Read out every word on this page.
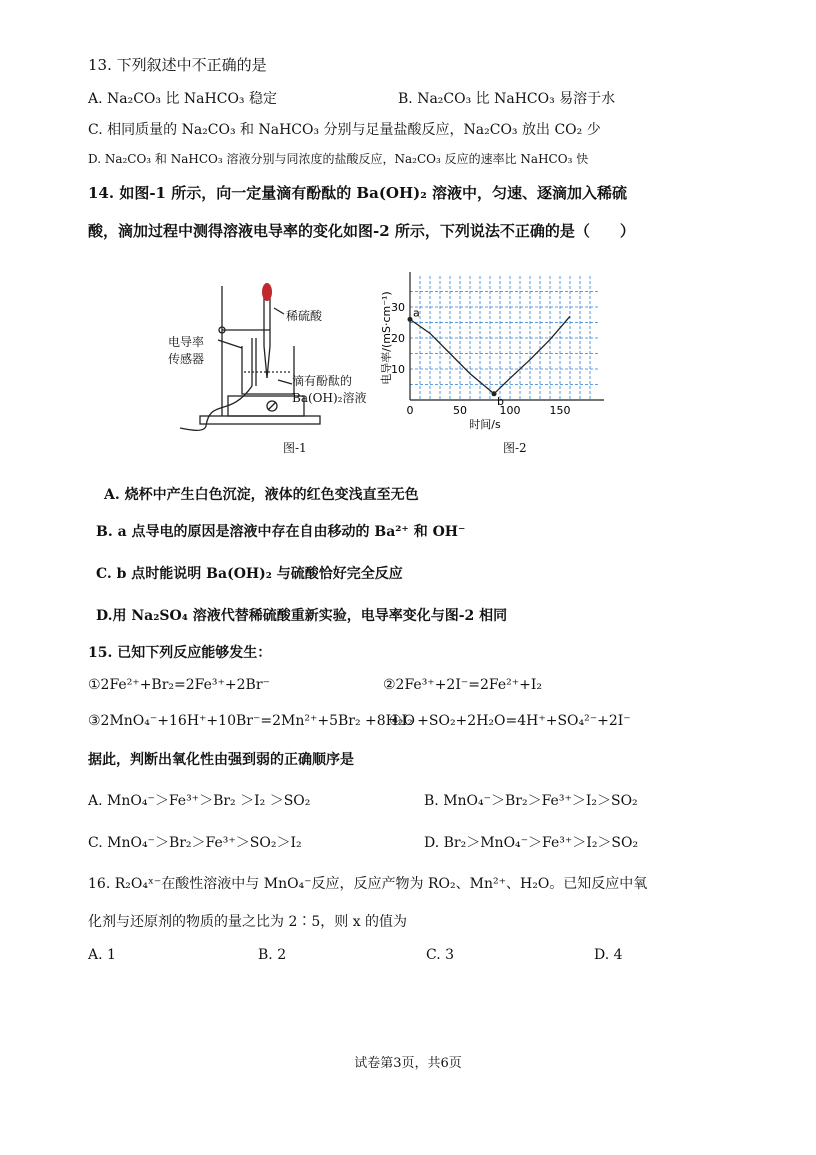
13. 下列叙述中不正确的是
A. Na₂CO₃ 比 NaHCO₃ 稳定	B. Na₂CO₃ 比 NaHCO₃ 易溶于水
C. 相同质量的 Na₂CO₃ 和 NaHCO₃ 分别与足量盐酸反应，Na₂CO₃ 放出 CO₂ 少
D. Na₂CO₃ 和 NaHCO₃ 溶液分别与同浓度的盐酸反应，Na₂CO₃ 反应的速率比 NaHCO₃ 快
14. 如图-1 所示，向一定量滴有酚酞的 Ba(OH)₂ 溶液中，匀速、逐滴加入稀硫
酸，滴加过程中测得溶液电导率的变化如图-2 所示，下列说法不正确的是（　　）
稀硫酸
电导率
传感器
滴有酚酞的
Ba(OH)₂溶液
图-1
0	50	100	150
10
20
30 a
b
时间/s
电导率/(mS·cm⁻¹)
图-2
A. 烧杯中产生白色沉淀，液体的红色变浅直至无色
B. a 点导电的原因是溶液中存在自由移动的 Ba²⁺ 和 OH⁻
C. b 点时能说明 Ba(OH)₂ 与硫酸恰好完全反应
D.用 Na₂SO₄ 溶液代替稀硫酸重新实验，电导率变化与图-2 相同
15. 已知下列反应能够发生：
①2Fe²⁺+Br₂=2Fe³⁺+2Br⁻	②2Fe³⁺+2I⁻=2Fe²⁺+I₂
③2MnO₄⁻+16H⁺+10Br⁻=2Mn²⁺+5Br₂ +8H₂O
④I₂ +SO₂+2H₂O=4H⁺+SO₄²⁻+2I⁻
据此，判断出氧化性由强到弱的正确顺序是
A. MnO₄⁻＞Fe³⁺＞Br₂ ＞I₂ ＞SO₂	B. MnO₄⁻＞Br₂＞Fe³⁺＞I₂＞SO₂
C. MnO₄⁻＞Br₂＞Fe³⁺＞SO₂＞I₂	D. Br₂＞MnO₄⁻＞Fe³⁺＞I₂＞SO₂
16. R₂O₄ˣ⁻在酸性溶液中与 MnO₄⁻反应，反应产物为 RO₂、Mn²⁺、H₂O。已知反应中氧
化剂与还原剂的物质的量之比为 2∶5，则 x 的值为
A. 1	B. 2	C. 3	D. 4
试卷第3页，共6页
